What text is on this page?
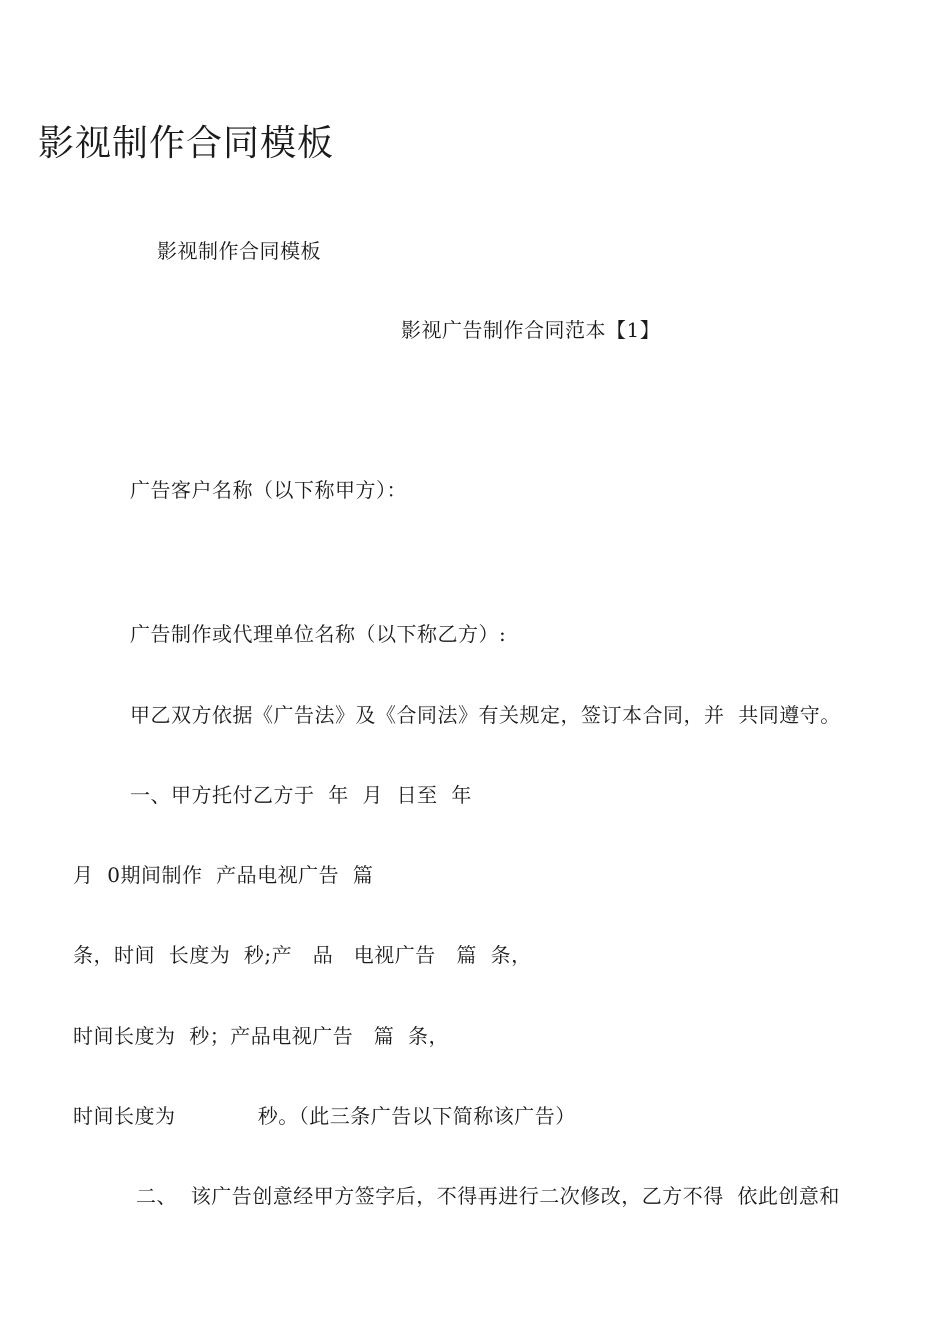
影视制作合同模板
影视制作合同模板
影视广告制作合同范本【1】
广告客户名称（以下称甲方）：
广告制作或代理单位名称（以下称乙方）:
甲乙双方依据《广告法》及《合同法》有关规定，签订本合同，并  共同遵守。
一、甲方托付乙方于  年  月  日至  年
月  0期间制作  产品电视广告  篇
条，时间  长度为  秒;产   品   电视广告   篇  条，
时间长度为  秒；产品电视广告   篇  条，
时间长度为            秒。（此三条广告以下简称该广告）
二、  该广告创意经甲方签字后，不得再进行二次修改，乙方不得  依此创意和
